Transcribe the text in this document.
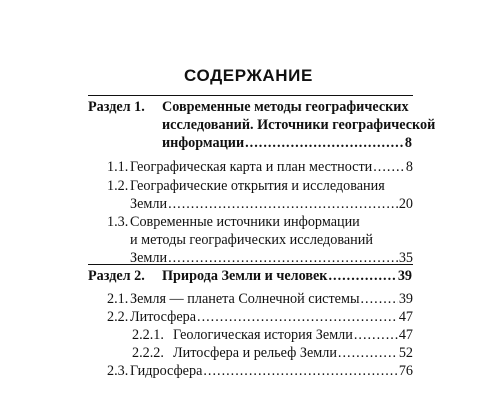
СОДЕРЖАНИЕ
Раздел 1. Современные методы географических
исследований. Источники географической
информации .....	8
1.1. Географическая карта и план местности ..... 8
1.2. Географические открытия и исследования
Земли .....	20
1.3. Современные источники информации
и методы географических исследований
Земли .....	35
Раздел 2. Природа Земли и человек .....	39
2.1. Земля — планета Солнечной системы .....	39
2.2. Литосфера .....	47
2.2.1. Геологическая история Земли .....	47
2.2.2. Литосфера и рельеф Земли .....	52
2.3. Гидросфера .....	76
